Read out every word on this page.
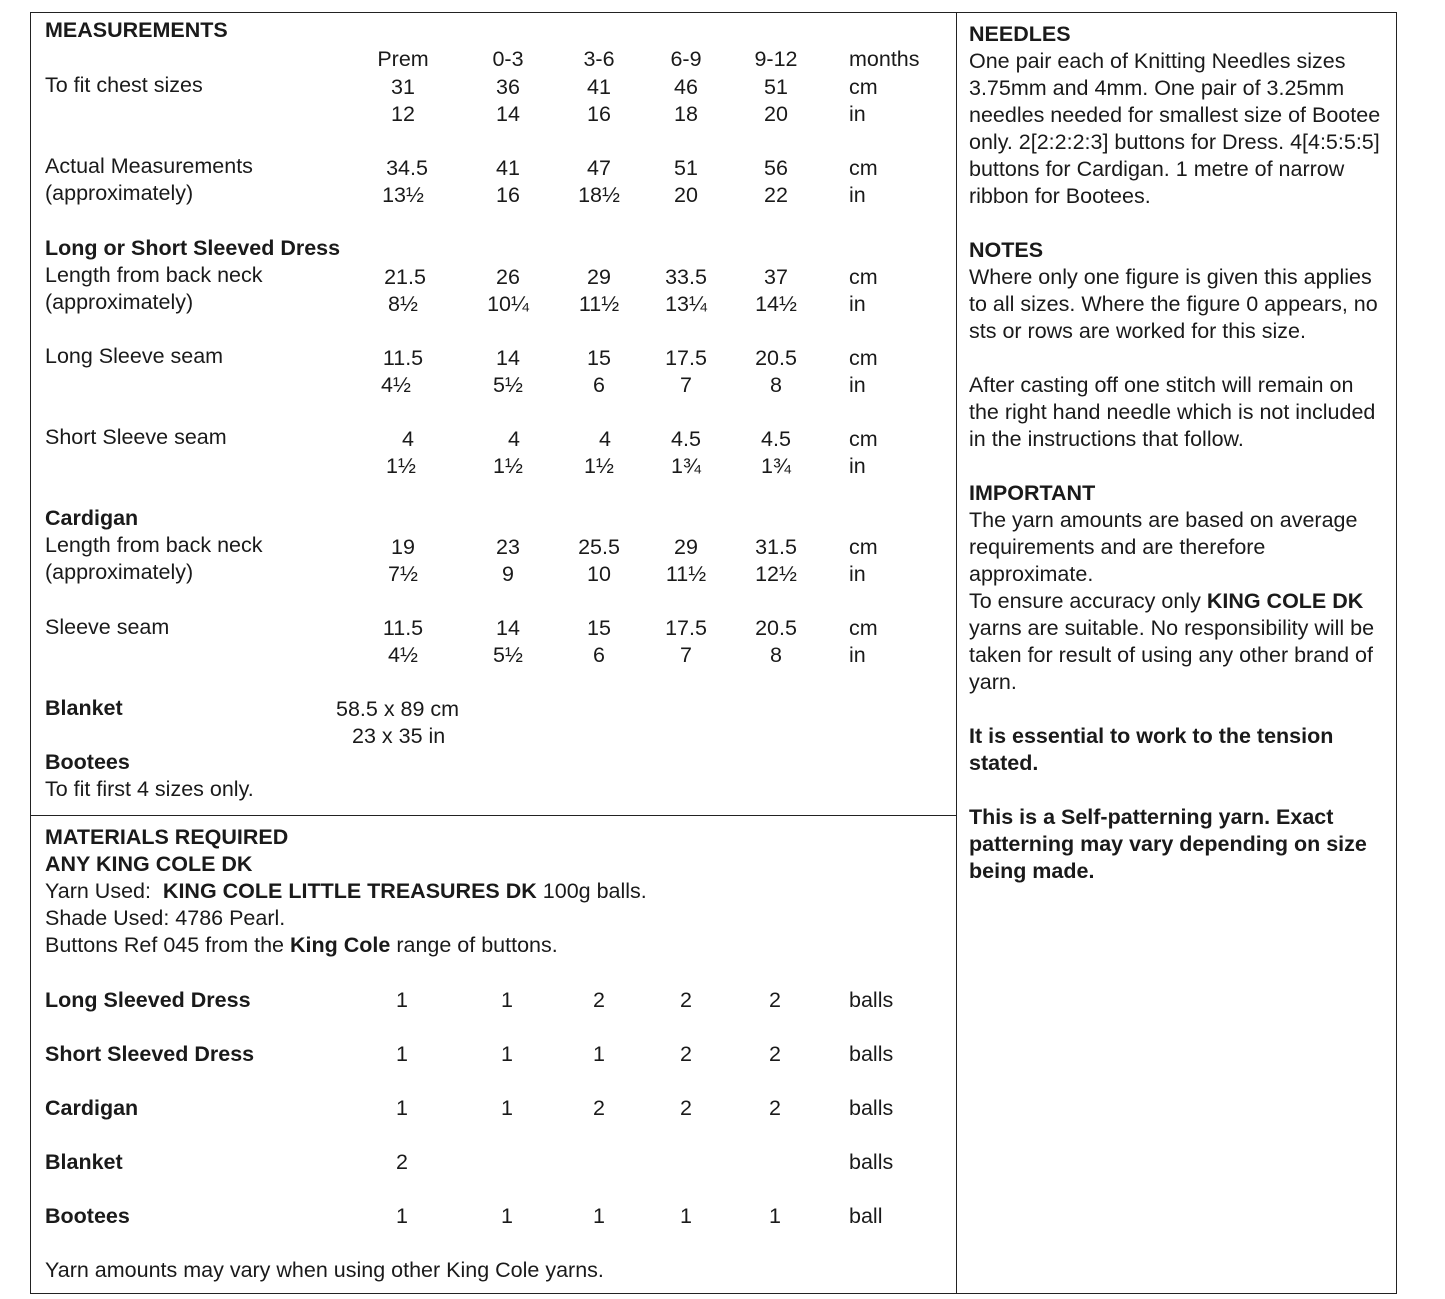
MEASUREMENTS
Prem	0-3	3-6	6-9	9-12	months
To fit chest sizes	31	36	41	46	51	cm
12	14	16	18	20	in
Actual Measurements
(approximately)
34.5	41	47	51	56	cm
13½	16	18½	20	22	in
Long or Short Sleeved Dress
Length from back neck
(approximately)
21.5	26	29	33.5	37	cm
8½	10¼	11½	13¼	14½	in
Long Sleeve seam	11.5	14	15	17.5	20.5	cm
4½	5½	6	7	8	in
Short Sleeve seam	4	4	4	4.5	4.5	cm
1½	1½	1½	1¾	1¾	in
Cardigan
Length from back neck
(approximately)
19	23	25.5	29	31.5	cm
7½	9	10	11½	12½	in
Sleeve seam	11.5	14	15	17.5	20.5	cm
4½	5½	6	7	8	in
Blanket	58.5 x 89 cm
23 x 35 in
Bootees
To fit first 4 sizes only.
MATERIALS REQUIRED
ANY KING COLE DK
Yarn Used: KING COLE LITTLE TREASURES DK 100g balls.
Shade Used: 4786 Pearl.
Buttons Ref 045 from the King Cole range of buttons.
Long Sleeved Dress	1	1	2	2	2	balls
Short Sleeved Dress	1	1	1	2	2	balls
Cardigan	1	1	2	2	2	balls
Blanket	2	balls
Bootees	1	1	1	1	1	ball
Yarn amounts may vary when using other King Cole yarns.
NEEDLES
One pair each of Knitting Needles sizes 3.75mm and 4mm. One pair of 3.25mm needles needed for smallest size of Bootee only. 2[2:2:2:3] buttons for Dress. 4[4:5:5:5] buttons for Cardigan. 1 metre of narrow ribbon for Bootees.
NOTES
Where only one figure is given this applies to all sizes. Where the figure 0 appears, no sts or rows are worked for this size.
After casting off one stitch will remain on the right hand needle which is not included in the instructions that follow.
IMPORTANT
The yarn amounts are based on average requirements and are therefore approximate.
To ensure accuracy only KING COLE DK yarns are suitable. No responsibility will be taken for result of using any other brand of yarn.
It is essential to work to the tension stated.
This is a Self-patterning yarn. Exact patterning may vary depending on size being made.
